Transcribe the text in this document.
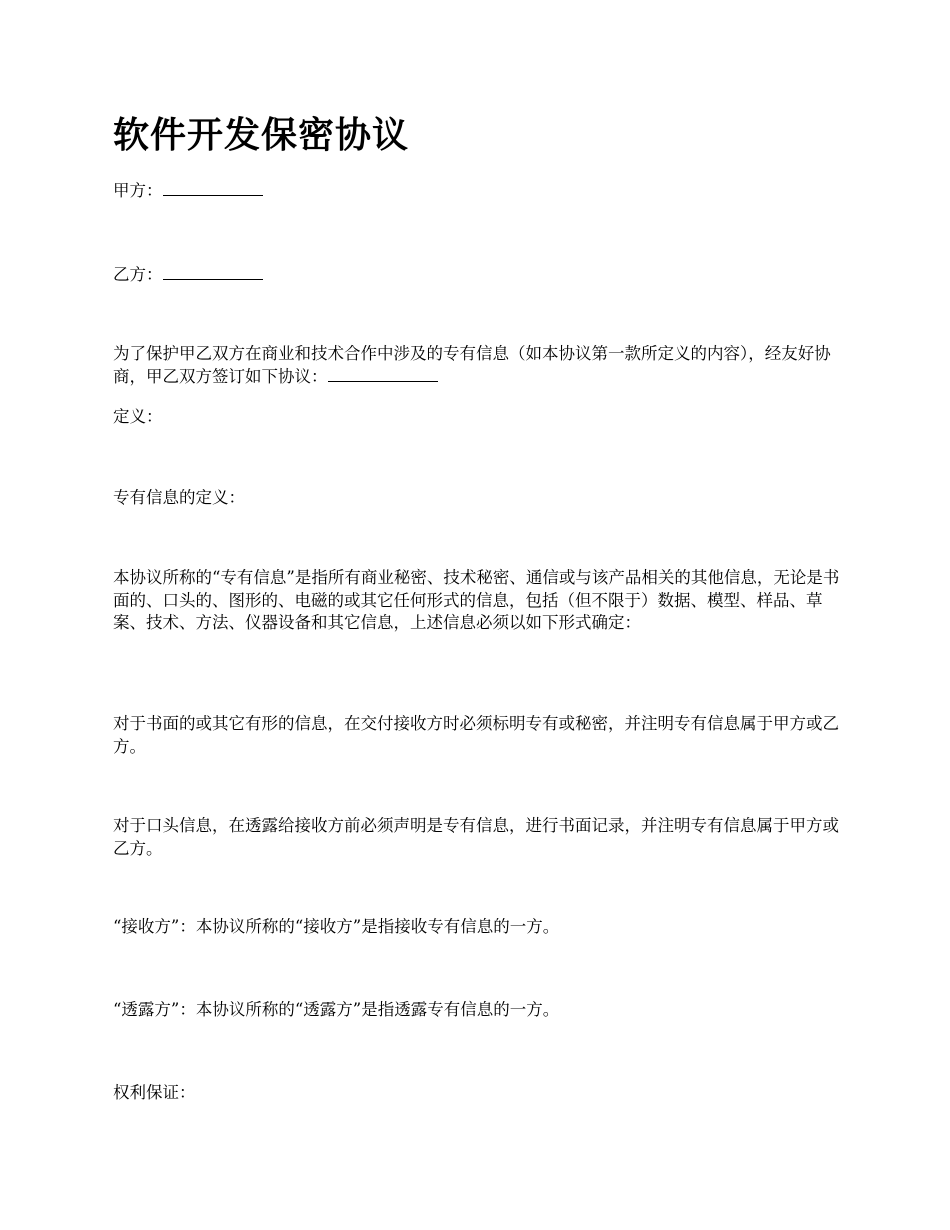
软件开发保密协议

甲方：

乙方：

为了保护甲乙双方在商业和技术合作中涉及的专有信息（如本协议第一款所定义的内容），经友好协商，甲乙双方签订如下协议：

定义：

专有信息的定义：

本协议所称的“专有信息”是指所有商业秘密、技术秘密、通信或与该产品相关的其他信息，无论是书面的、口头的、图形的、电磁的或其它任何形式的信息，包括（但不限于）数据、模型、样品、草案、技术、方法、仪器设备和其它信息，上述信息必须以如下形式确定：

对于书面的或其它有形的信息，在交付接收方时必须标明专有或秘密，并注明专有信息属于甲方或乙方。

对于口头信息，在透露给接收方前必须声明是专有信息，进行书面记录，并注明专有信息属于甲方或乙方。

“接收方”：本协议所称的“接收方”是指接收专有信息的一方。

“透露方”：本协议所称的“透露方”是指透露专有信息的一方。

权利保证：
